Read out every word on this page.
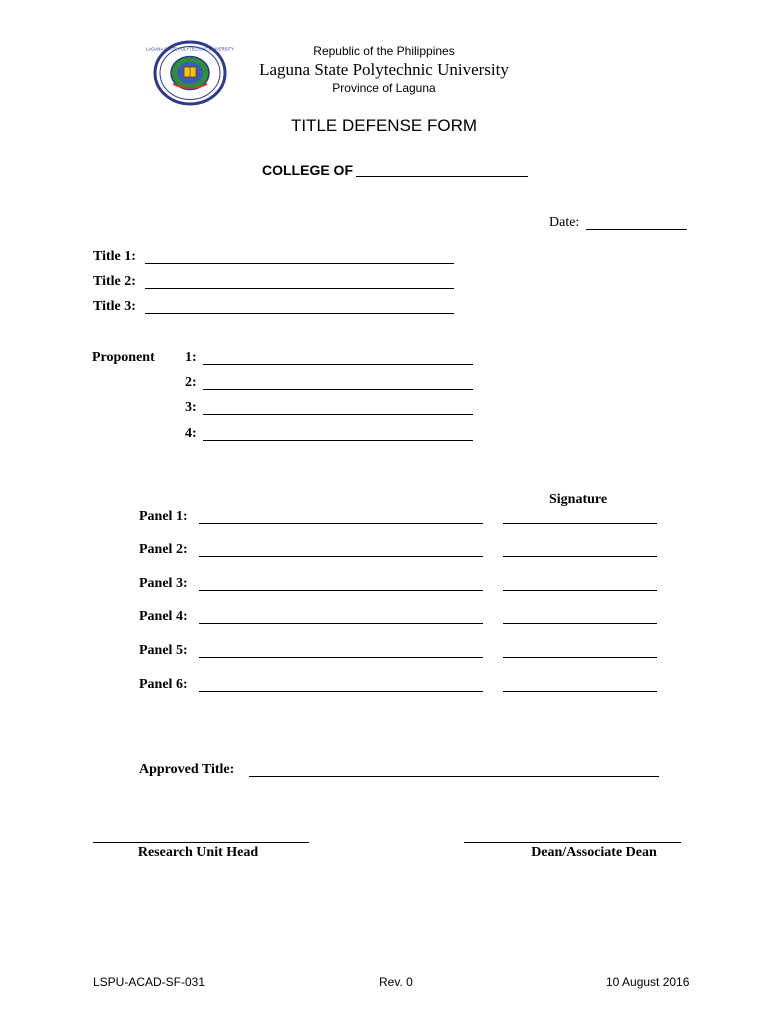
LAGUNA STATE POLYTECHNIC UNIVERSITY	Republic of the Philippines
Laguna State Polytechnic University
Province of Laguna
TITLE DEFENSE FORM
COLLEGE OF
Date:
Title 1:
Title 2:
Title 3:
Proponent 1:
2:
3:
4:
Signature
Panel 1:
Panel 2:
Panel 3:
Panel 4:
Panel 5:
Panel 6:
Approved Title:
Research Unit Head	Dean/Associate Dean
LSPU-ACAD-SF-031	Rev. 0	10 August 2016
